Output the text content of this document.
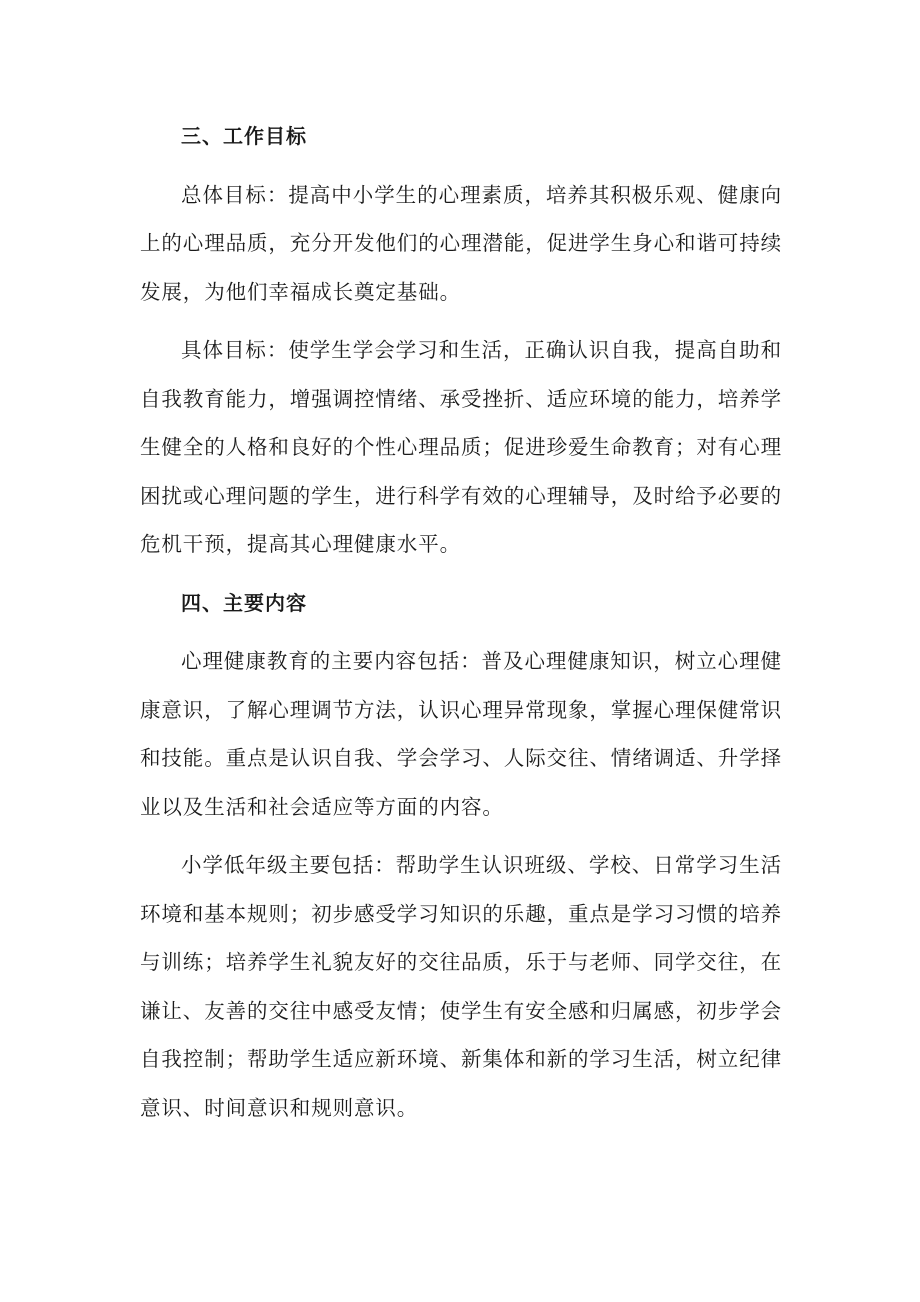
三、工作目标

总体目标：提高中小学生的心理素质，培养其积极乐观、健康向上的心理品质，充分开发他们的心理潜能，促进学生身心和谐可持续发展，为他们幸福成长奠定基础。

具体目标：使学生学会学习和生活，正确认识自我，提高自助和自我教育能力，增强调控情绪、承受挫折、适应环境的能力，培养学生健全的人格和良好的个性心理品质；促进珍爱生命教育；对有心理困扰或心理问题的学生，进行科学有效的心理辅导，及时给予必要的危机干预，提高其心理健康水平。

四、主要内容

心理健康教育的主要内容包括：普及心理健康知识，树立心理健康意识，了解心理调节方法，认识心理异常现象，掌握心理保健常识和技能。重点是认识自我、学会学习、人际交往、情绪调适、升学择业以及生活和社会适应等方面的内容。

小学低年级主要包括：帮助学生认识班级、学校、日常学习生活环境和基本规则；初步感受学习知识的乐趣，重点是学习习惯的培养与训练；培养学生礼貌友好的交往品质，乐于与老师、同学交往，在谦让、友善的交往中感受友情；使学生有安全感和归属感，初步学会自我控制；帮助学生适应新环境、新集体和新的学习生活，树立纪律意识、时间意识和规则意识。
